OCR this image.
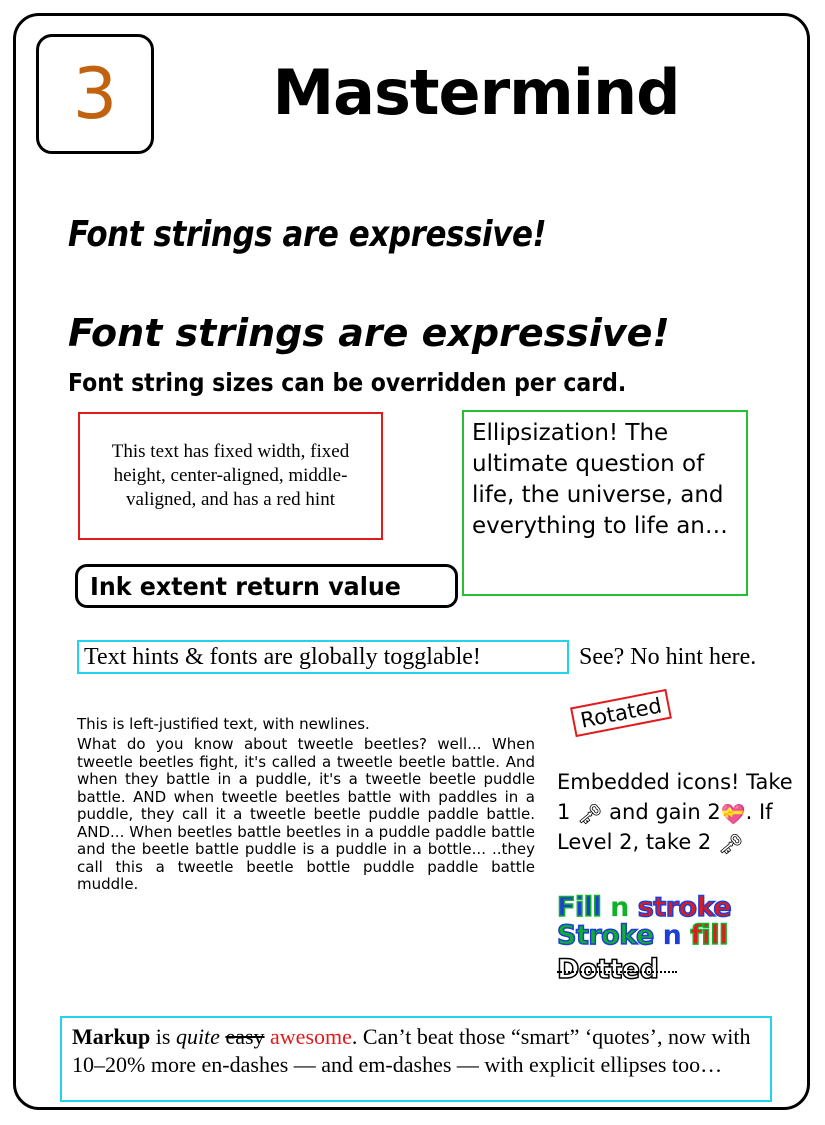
3	Mastermind
Font strings are expressive!
Font strings are expressive!
Font string sizes can be overridden per card.
This text has fixed width, fixed height, center-aligned, middle-valigned, and has a red hint
Ellipsization! The ultimate question of life, the universe, and everything to life an…
Ink extent return value
Text hints & fonts are globally togglable!	See? No hint here.
This is left-justified text, with newlines.
What do you know about tweetle beetles? well... When tweetle beetles fight, it's called a tweetle beetle battle. And when they battle in a puddle, it's a tweetle beetle puddle battle. AND when tweetle beetles battle with paddles in a puddle, they call it a tweetle beetle puddle paddle battle. AND... When beetles battle beetles in a puddle paddle battle and the beetle battle puddle is a puddle in a bottle... ..they call this a tweetle beetle bottle puddle paddle battle muddle.
Rotated
Embedded icons! Take
1 🗝 and gain 2💝. If
Level 2, take 2 🗝
Fill n stroke
Stroke n fill
Dotted
Markup is quite easy awesome. Can’t beat those “smart” ‘quotes’, now with 10–20% more en-dashes — and em-dashes — with explicit ellipses too…
